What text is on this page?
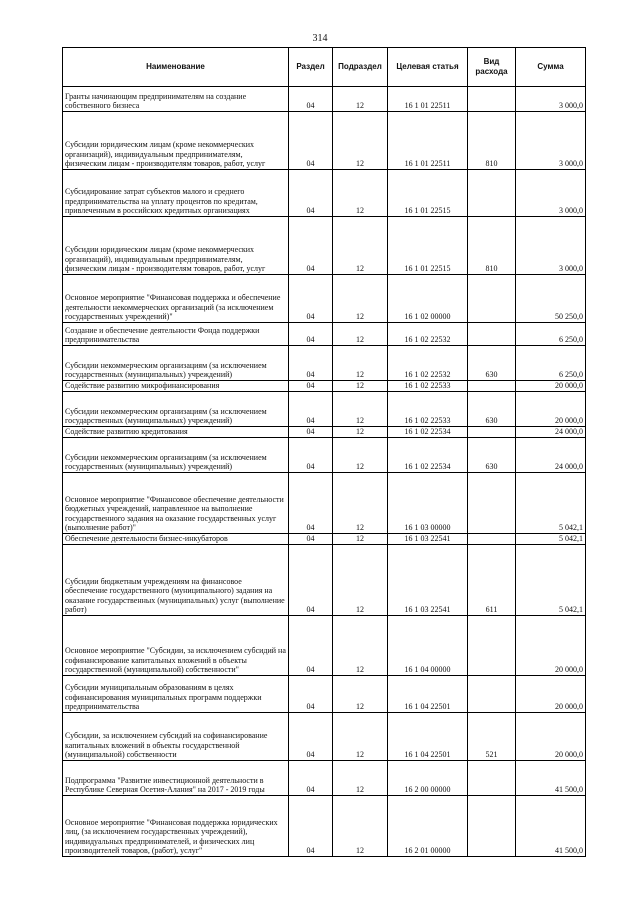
314
Наименование	Раздел	Подраздел	Целевая статья	Вид расхода	Сумма
Гранты начинающим предпринимателям на создание собственного бизнеса	04	12	16 1 01 22511		3 000,0
Субсидии юридическим лицам (кроме некоммерческих организаций), индивидуальным предпринимателям, физическим лицам - производителям товаров, работ, услуг	04	12	16 1 01 22511	810	3 000,0
Субсидирование затрат субъектов малого и среднего предпринимательства на уплату процентов по кредитам, привлеченным в российских кредитных организациях	04	12	16 1 01 22515		3 000,0
Субсидии юридическим лицам (кроме некоммерческих организаций), индивидуальным предпринимателям, физическим лицам - производителям товаров, работ, услуг	04	12	16 1 01 22515	810	3 000,0
Основное мероприятие "Финансовая поддержка и обеспечение деятельности некоммерческих организаций (за исключением государственных учреждений)"	04	12	16 1 02 00000		50 250,0
Создание и обеспечение деятельности Фонда поддержки предпринимательства	04	12	16 1 02 22532		6 250,0
Субсидии некоммерческим организациям (за исключением государственных (муниципальных) учреждений)	04	12	16 1 02 22532	630	6 250,0
Содействие развитию микрофинансирования	04	12	16 1 02 22533		20 000,0
Субсидии некоммерческим организациям (за исключением государственных (муниципальных) учреждений)	04	12	16 1 02 22533	630	20 000,0
Содействие развитию кредитования	04	12	16 1 02 22534		24 000,0
Субсидии некоммерческим организациям (за исключением государственных (муниципальных) учреждений)	04	12	16 1 02 22534	630	24 000,0
Основное мероприятие "Финансовое обеспечение деятельности бюджетных учреждений, направленное на выполнение государственного задания на оказание государственных услуг (выполнение работ)"	04	12	16 1 03 00000		5 042,1
Обеспечение деятельности бизнес-инкубаторов	04	12	16 1 03 22541		5 042,1
Субсидии бюджетным учреждениям на финансовое обеспечение государственного (муниципального) задания на оказание государственных (муниципальных) услуг (выполнение работ)	04	12	16 1 03 22541	611	5 042,1
Основное мероприятие "Субсидии, за исключением субсидий на софинансирование капитальных вложений в объекты государственной (муниципальной) собственности"	04	12	16 1 04 00000		20 000,0
Субсидии муниципальным образованиям в целях софинансирования муниципальных программ поддержки предпринимательства	04	12	16 1 04 22501		20 000,0
Субсидии, за исключением субсидий на софинансирование капитальных вложений в объекты государственной (муниципальной) собственности	04	12	16 1 04 22501	521	20 000,0
Подпрограмма "Развитие инвестиционной деятельности в Республике Северная Осетия-Алания" на 2017 - 2019 годы	04	12	16 2 00 00000		41 500,0
Основное мероприятие "Финансовая поддержка юридических лиц, (за исключением государственных учреждений), индивидуальных предпринимателей, и физических лиц производителей товаров, (работ), услуг"	04	12	16 2 01 00000		41 500,0
